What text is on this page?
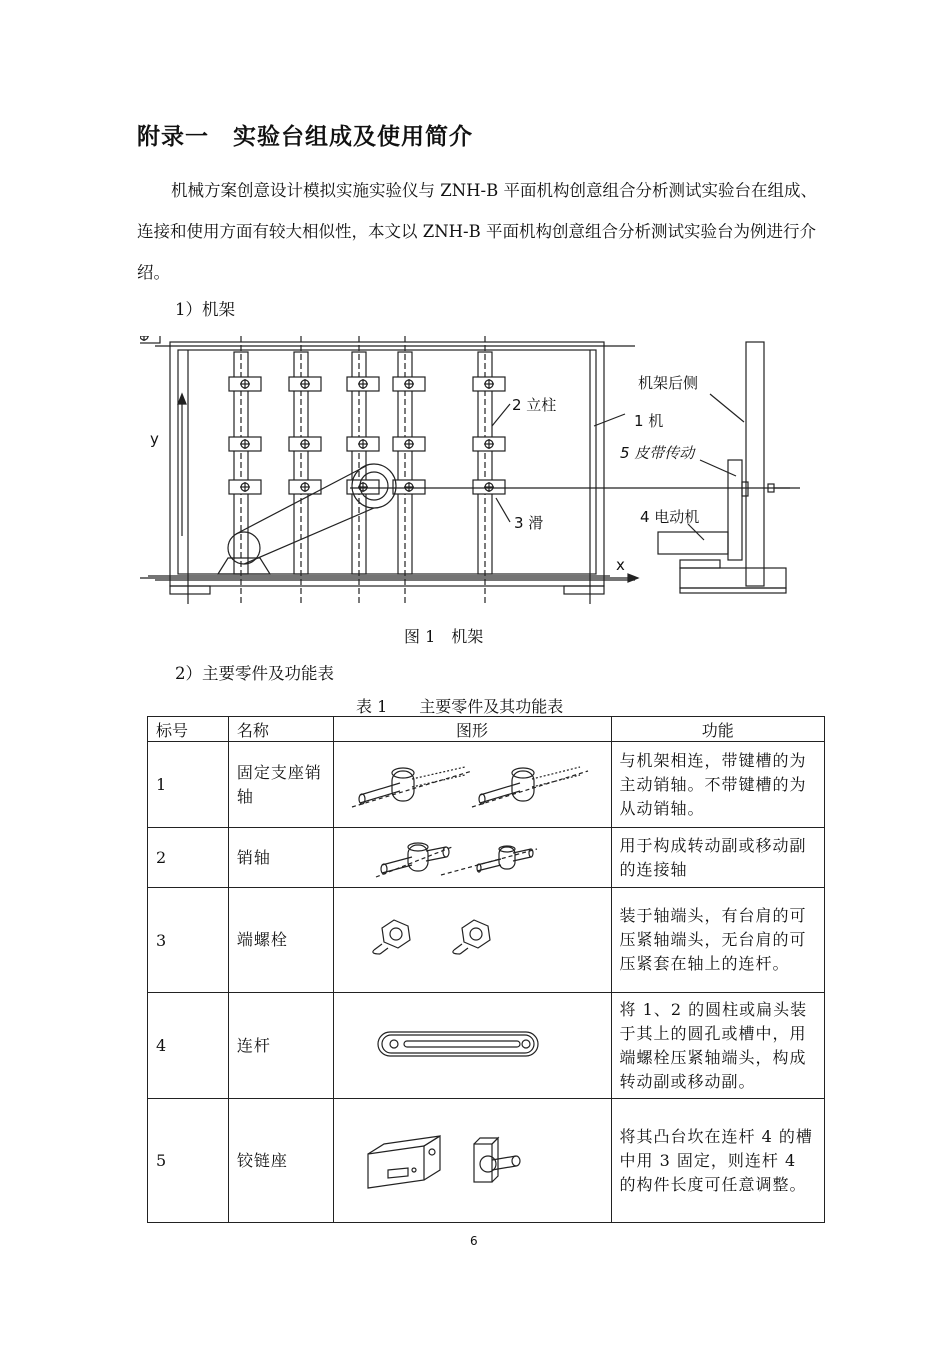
附录一　实验台组成及使用简介
机械方案创意设计模拟实施实验仪与 ZNH-B 平面机构创意组合分析测试实验台在组成、连接和使用方面有较大相似性，本文以 ZNH-B 平面机构创意组合分析测试实验台为例进行介绍。
1）机架
y
x
2 立柱
1 机
3 滑
机架后侧
5 皮带传动
4 电动机
图 1　机架
2）主要零件及功能表
表 1　　主要零件及其功能表
标号	名称	图形	功能
1	固定支座销轴		与机架相连，带键槽的为主动销轴。不带键槽的为从动销轴。
2	销轴		用于构成转动副或移动副的连接轴
3	端螺栓		装于轴端头，有台肩的可压紧轴端头，无台肩的可压紧套在轴上的连杆。
4	连杆		将 1、2 的圆柱或扁头装于其上的圆孔或槽中，用端螺栓压紧轴端头，构成转动副或移动副。
5	铰链座		将其凸台坎在连杆 4 的槽中用 3 固定，则连杆 4 的构件长度可任意调整。
6
